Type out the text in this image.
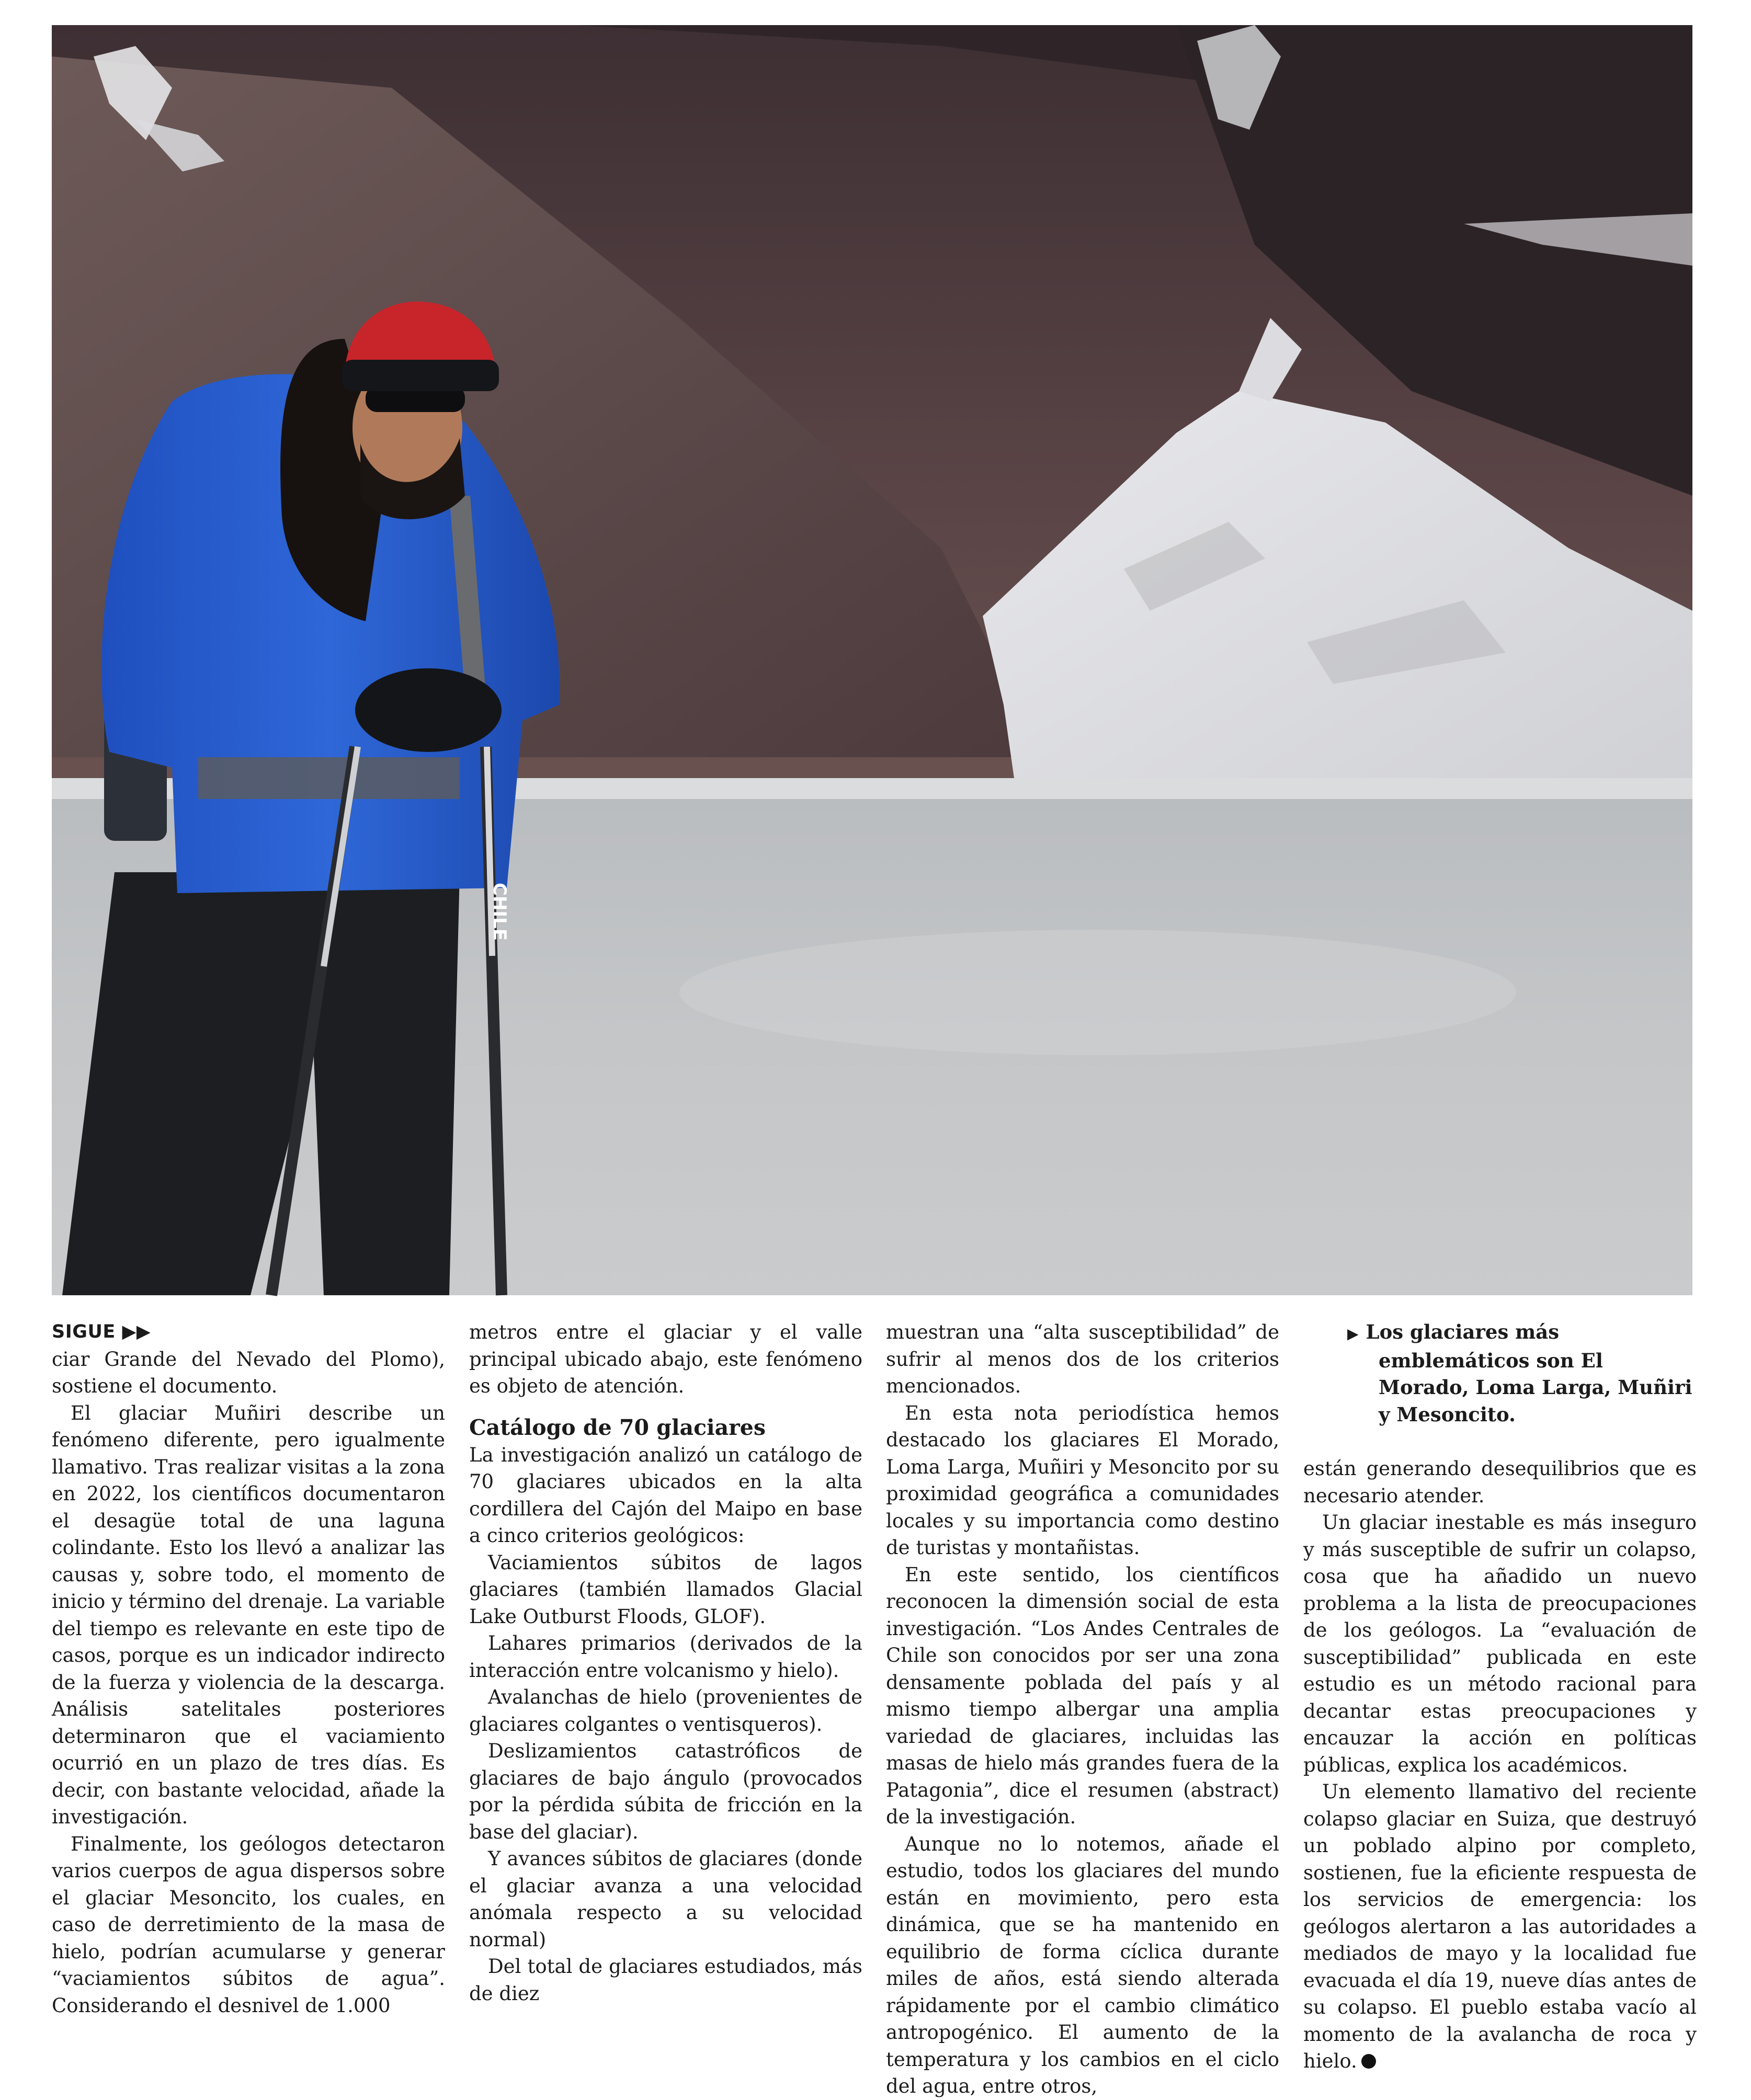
CHILE

SIGUE ▶▶

ciar Grande del Nevado del Plomo), sostiene el documento.

El glaciar Muñiri describe un fenómeno diferente, pero igualmente llamativo. Tras realizar visitas a la zona en 2022, los científicos documentaron el desagüe total de una laguna colindante. Esto los llevó a analizar las causas y, sobre todo, el momento de inicio y término del drenaje. La variable del tiempo es relevante en este tipo de casos, porque es un indicador indirecto de la fuerza y violencia de la descarga. Análisis satelitales posteriores determinaron que el vaciamiento ocurrió en un plazo de tres días. Es decir, con bastante velocidad, añade la investigación.

Finalmente, los geólogos detectaron varios cuerpos de agua dispersos sobre el glaciar Mesoncito, los cuales, en caso de derretimiento de la masa de hielo, podrían acumularse y generar “vaciamientos súbitos de agua”. Considerando el desnivel de 1.000

metros entre el glaciar y el valle principal ubicado abajo, este fenómeno es objeto de atención.

Catálogo de 70 glaciares

La investigación analizó un catálogo de 70 glaciares ubicados en la alta cordillera del Cajón del Maipo en base a cinco criterios geológicos:

Vaciamientos súbitos de lagos glaciares (también llamados Glacial Lake Outburst Floods, GLOF).

Lahares primarios (derivados de la interacción entre volcanismo y hielo).

Avalanchas de hielo (provenientes de glaciares colgantes o ventisqueros).

Deslizamientos catastróficos de glaciares de bajo ángulo (provocados por la pérdida súbita de fricción en la base del glaciar).

Y avances súbitos de glaciares (donde el glaciar avanza a una velocidad anómala respecto a su velocidad normal)

Del total de glaciares estudiados, más de diez

muestran una “alta susceptibilidad” de sufrir al menos dos de los criterios mencionados.

En esta nota periodística hemos destacado los glaciares El Morado, Loma Larga, Muñiri y Mesoncito por su proximidad geográfica a comunidades locales y su importancia como destino de turistas y montañistas.

En este sentido, los científicos reconocen la dimensión social de esta investigación. “Los Andes Centrales de Chile son conocidos por ser una zona densamente poblada del país y al mismo tiempo albergar una amplia variedad de glaciares, incluidas las masas de hielo más grandes fuera de la Patagonia”, dice el resumen (abstract) de la investigación.

Aunque no lo notemos, añade el estudio, todos los glaciares del mundo están en movimiento, pero esta dinámica, que se ha mantenido en equilibrio de forma cíclica durante miles de años, está siendo alterada rápidamente por el cambio climático antropogénico. El aumento de la temperatura y los cambios en el ciclo del agua, entre otros,

▶ Los glaciares más emblemáticos son El Morado, Loma Larga, Muñiri y Mesoncito.

están generando desequilibrios que es necesario atender.

Un glaciar inestable es más inseguro y más susceptible de sufrir un colapso, cosa que ha añadido un nuevo problema a la lista de preocupaciones de los geólogos. La “evaluación de susceptibilidad” publicada en este estudio es un método racional para decantar estas preocupaciones y encauzar la acción en políticas públicas, explica los académicos.

Un elemento llamativo del reciente colapso glaciar en Suiza, que destruyó un poblado alpino por completo, sostienen, fue la eficiente respuesta de los servicios de emergencia: los geólogos alertaron a las autoridades a mediados de mayo y la localidad fue evacuada el día 19, nueve días antes de su colapso. El pueblo estaba vacío al momento de la avalancha de roca y hielo.
